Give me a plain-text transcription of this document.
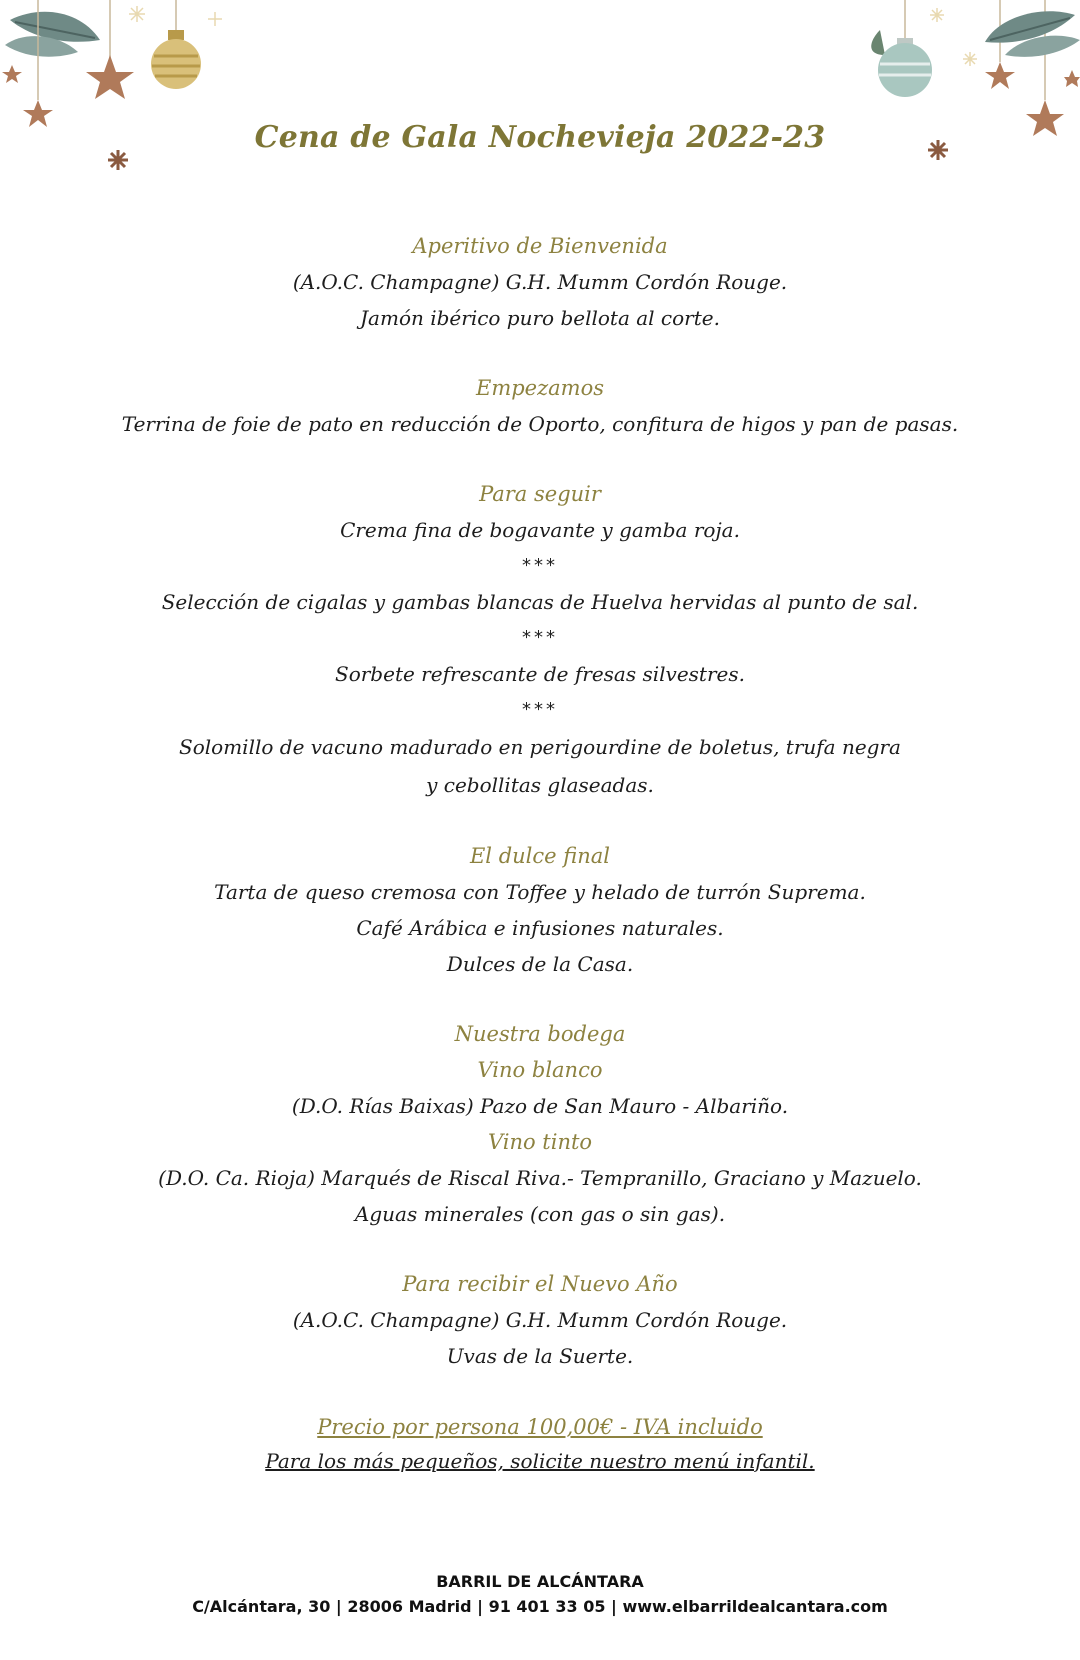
Cena de Gala Nochevieja 2022-23
Aperitivo de Bienvenida
(A.O.C. Champagne) G.H. Mumm Cordón Rouge.
Jamón ibérico puro bellota al corte.
Empezamos
Terrina de foie de pato en reducción de Oporto, confitura de higos y pan de pasas.
Para seguir
Crema fina de bogavante y gamba roja.
***
Selección de cigalas y gambas blancas de Huelva hervidas al punto de sal.
***
Sorbete refrescante de fresas silvestres.
***
Solomillo de vacuno madurado en perigourdine de boletus, trufa negra
y cebollitas glaseadas.
El dulce final
Tarta de queso cremosa con Toffee y helado de turrón Suprema.
Café Arábica e infusiones naturales.
Dulces de la Casa.
Nuestra bodega
Vino blanco
(D.O. Rías Baixas) Pazo de San Mauro - Albariño.
Vino tinto
(D.O. Ca. Rioja) Marqués de Riscal Riva.- Tempranillo, Graciano y Mazuelo.
Aguas minerales (con gas o sin gas).
Para recibir el Nuevo Año
(A.O.C. Champagne) G.H. Mumm Cordón Rouge.
Uvas de la Suerte.
Precio por persona 100,00€ - IVA incluido
Para los más pequeños, solicite nuestro menú infantil.
BARRIL DE ALCÁNTARA
C/Alcántara, 30 | 28006 Madrid | 91 401 33 05 | www.elbarrildealcantara.com
